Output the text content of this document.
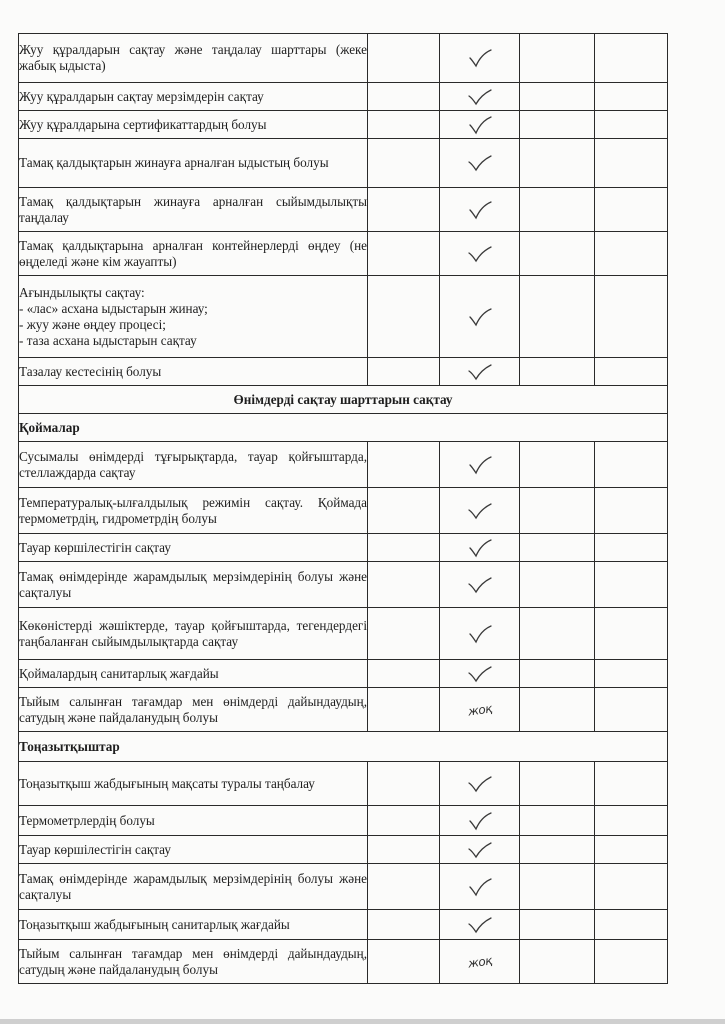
Жуу құралдарын сақтау және таңдалау шарттары (жеке жабық ыдыста)

Жуу құралдарын сақтау мерзімдерін сақтау

Жуу құралдарына сертификаттардың болуы

Тамақ қалдықтарын жинауға арналған ыдыстың болуы

Тамақ қалдықтарын жинауға арналған сыйымдылықты таңдалау

Тамақ қалдықтарына арналған контейнерлерді өңдеу (не өңделеді және кім жауапты)

Ағындылықты сақтау:
- «лас» асхана ыдыстарын жинау;
- жуу және өңдеу процесі;
- таза асхана ыдыстарын сақтау

Тазалау кестесінің болуы

Өнімдерді сақтау шарттарын сақтау				
Қоймалар				

Сусымалы өнімдерді тұғырықтарда, тауар қойғыштарда, стеллаждарда сақтау

Температуралық-ылғалдылық режимін сақтау. Қоймада термометрдің, гидрометрдің болуы

Тауар көршілестігін сақтау

Тамақ өнімдерінде жарамдылық мерзімдерінің болуы және сақталуы

Көкөністерді жәшіктерде, тауар қойғыштарда, тегендердегі таңбаланған сыйымдылықтарда сақтау

Қоймалардың санитарлық жағдайы

Тыйым салынған тағамдар мен өнімдерді дайындаудың, сатудың және пайдаланудың болуы		жоқ		
Тоңазытқыштар				

Тоңазытқыш жабдығының мақсаты туралы таңбалау

Термометрлердің болуы

Тауар көршілестігін сақтау

Тамақ өнімдерінде жарамдылық мерзімдерінің болуы және сақталуы

Тоңазытқыш жабдығының санитарлық жағдайы

Тыйым салынған тағамдар мен өнімдерді дайындаудың, сатудың және пайдаланудың болуы		жоқ		
